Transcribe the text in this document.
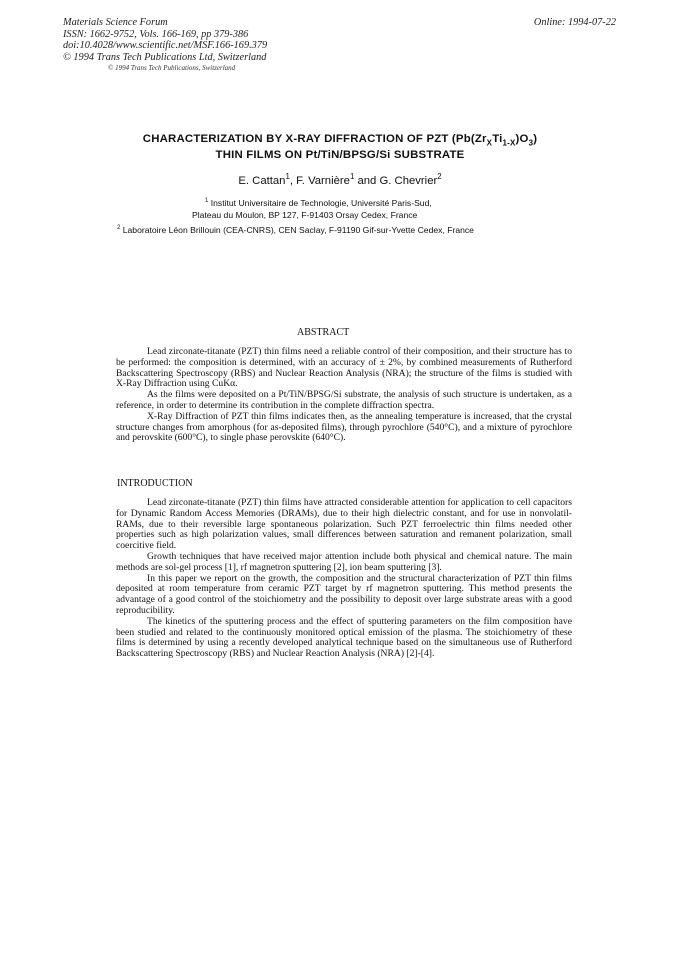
Materials Science Forum
ISSN: 1662-9752, Vols. 166-169, pp 379-386
doi:10.4028/www.scientific.net/MSF.166-169.379
© 1994 Trans Tech Publications Ltd, Switzerland
Online: 1994-07-22
© 1994 Trans Tech Publications, Switzerland
CHARACTERIZATION BY X-RAY DIFFRACTION OF PZT $(Pb(Zr_XTi_{1-X})O_3)$
THIN FILMS ON Pt/TiN/BPSG/Si SUBSTRATE
E. Cattan$^1$, F. Varnière$^1$ and G. Chevrier$^2$
$^1$ Institut Universitaire de Technologie, Université Paris-Sud,
Plateau du Moulon, BP 127, F-91403 Orsay Cedex, France
$^2$ Laboratoire Léon Brillouin (CEA-CNRS), CEN Saclay, F-91190 Gif-sur-Yvette Cedex, France
ABSTRACT

Lead zirconate-titanate (PZT) thin films need a reliable control of their composition, and their structure has to be performed: the composition is determined, with an accuracy of ± 2%, by combined measurements of Rutherford Backscattering Spectroscopy (RBS) and Nuclear Reaction Analysis (NRA); the structure of the films is studied with X-Ray Diffraction using CuKα.

As the films were deposited on a Pt/TiN/BPSG/Si substrate, the analysis of such structure is undertaken, as a reference, in order to determine its contribution in the complete diffraction spectra.

X-Ray Diffraction of PZT thin films indicates then, as the annealing temperature is increased, that the crystal structure changes from amorphous (for as-deposited films), through pyrochlore (540°C), and a mixture of pyrochlore and perovskite (600°C), to single phase perovskite (640°C).

INTRODUCTION

Lead zirconate-titanate (PZT) thin films have attracted considerable attention for application to cell capacitors for Dynamic Random Access Memories (DRAMs), due to their high dielectric constant, and for use in nonvolatil-RAMs, due to their reversible large spontaneous polarization. Such PZT ferroelectric thin films needed other properties such as high polarization values, small differences between saturation and remanent polarization, small coercitive field.

Growth techniques that have received major attention include both physical and chemical nature. The main methods are sol-gel process [1], rf magnetron sputtering [2], ion beam sputtering [3].

In this paper we report on the growth, the composition and the structural characterization of PZT thin films deposited at room temperature from ceramic PZT target by rf magnetron sputtering. This method presents the advantage of a good control of the stoichiometry and the possibility to deposit over large substrate areas with a good reproducibility.

The kinetics of the sputtering process and the effect of sputtering parameters on the film composition have been studied and related to the continuously monitored optical emission of the plasma. The stoichiometry of these films is determined by using a recently developed analytical technique based on the simultaneous use of Rutherford Backscattering Spectroscopy (RBS) and Nuclear Reaction Analysis (NRA) [2]-[4].
